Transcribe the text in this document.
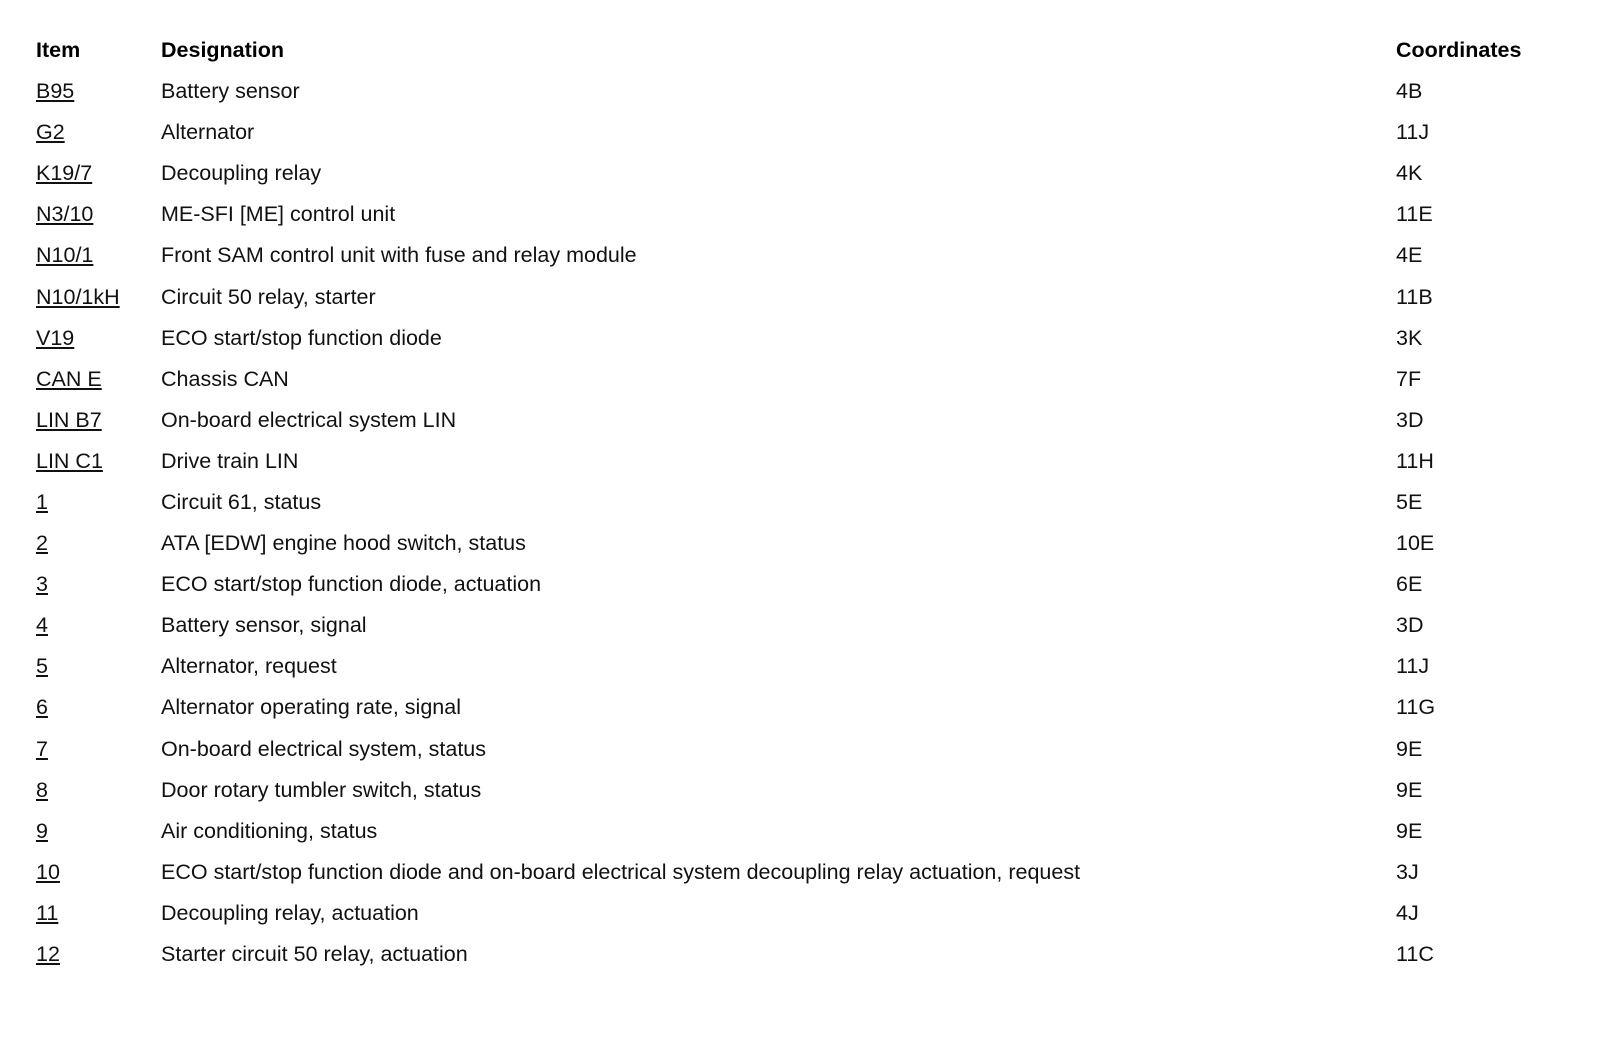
Item	Designation	Coordinates
B95	Battery sensor	4B
G2	Alternator	11J
K19/7	Decoupling relay	4K
N3/10	ME-SFI [ME] control unit	11E
N10/1	Front SAM control unit with fuse and relay module	4E
N10/1kH	Circuit 50 relay, starter	11B
V19	ECO start/stop function diode	3K
CAN E	Chassis CAN	7F
LIN B7	On-board electrical system LIN	3D
LIN C1	Drive train LIN	11H
1	Circuit 61, status	5E
2	ATA [EDW] engine hood switch, status	10E
3	ECO start/stop function diode, actuation	6E
4	Battery sensor, signal	3D
5	Alternator, request	11J
6	Alternator operating rate, signal	11G
7	On-board electrical system, status	9E
8	Door rotary tumbler switch, status	9E
9	Air conditioning, status	9E
10	ECO start/stop function diode and on-board electrical system decoupling relay actuation, request	3J
11	Decoupling relay, actuation	4J
12	Starter circuit 50 relay, actuation	11C
